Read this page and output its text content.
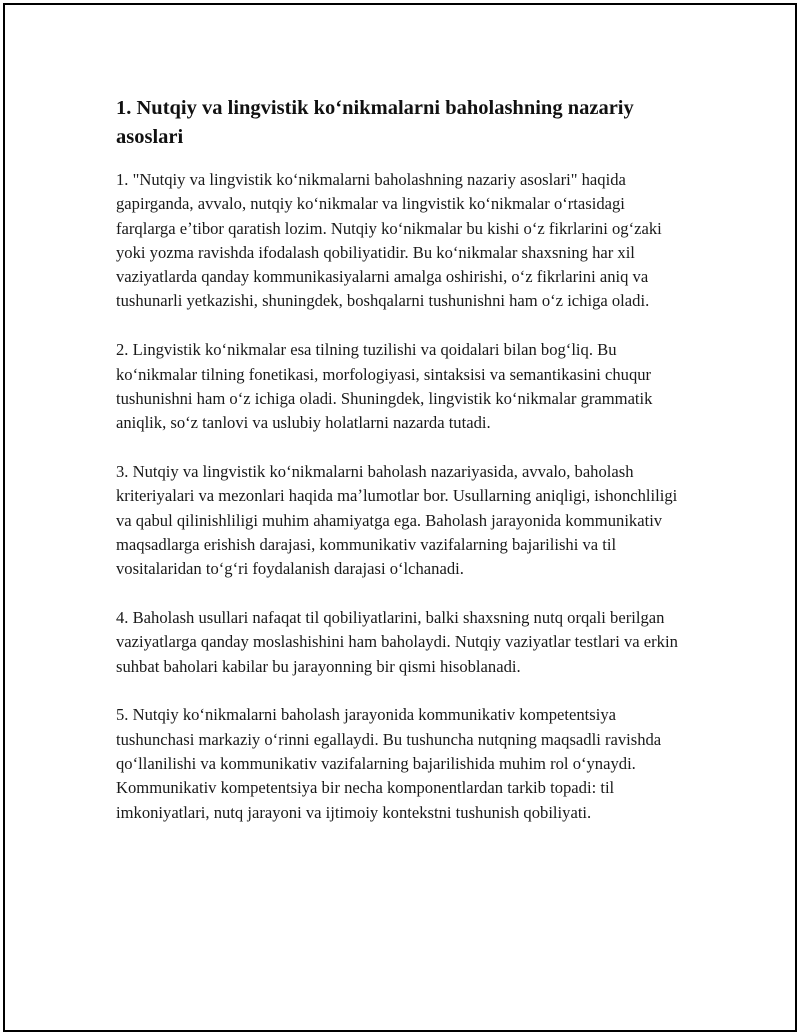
1. Nutqiy va lingvistik koʻnikmalarni baholashning nazariy asoslari

1. "Nutqiy va lingvistik koʻnikmalarni baholashning nazariy asoslari" haqida gapirganda, avvalo, nutqiy koʻnikmalar va lingvistik koʻnikmalar oʻrtasidagi farqlarga eʼtibor qaratish lozim. Nutqiy koʻnikmalar bu kishi oʻz fikrlarini ogʻzaki yoki yozma ravishda ifodalash qobiliyatidir. Bu koʻnikmalar shaxsning har xil vaziyatlarda qanday kommunikasiyalarni amalga oshirishi, oʻz fikrlarini aniq va tushunarli yetkazishi, shuningdek, boshqalarni tushunishni ham oʻz ichiga oladi.

2. Lingvistik koʻnikmalar esa tilning tuzilishi va qoidalari bilan bogʻliq. Bu koʻnikmalar tilning fonetikasi, morfologiyasi, sintaksisi va semantikasini chuqur tushunishni ham oʻz ichiga oladi. Shuningdek, lingvistik koʻnikmalar grammatik aniqlik, soʻz tanlovi va uslubiy holatlarni nazarda tutadi.

3. Nutqiy va lingvistik koʻnikmalarni baholash nazariyasida, avvalo, baholash kriteriyalari va mezonlari haqida maʼlumotlar bor. Usullarning aniqligi, ishonchliligi va qabul qilinishliligi muhim ahamiyatga ega. Baholash jarayonida kommunikativ maqsadlarga erishish darajasi, kommunikativ vazifalarning bajarilishi va til vositalaridan toʻgʻri foydalanish darajasi oʻlchanadi.

4. Baholash usullari nafaqat til qobiliyatlarini, balki shaxsning nutq orqali berilgan vaziyatlarga qanday moslashishini ham baholaydi. Nutqiy vaziyatlar testlari va erkin suhbat baholari kabilar bu jarayonning bir qismi hisoblanadi.

5. Nutqiy koʻnikmalarni baholash jarayonida kommunikativ kompetentsiya tushunchasi markaziy oʻrinni egallaydi. Bu tushuncha nutqning maqsadli ravishda qoʻllanilishi va kommunikativ vazifalarning bajarilishida muhim rol oʻynaydi. Kommunikativ kompetentsiya bir necha komponentlardan tarkib topadi: til imkoniyatlari, nutq jarayoni va ijtimoiy kontekstni tushunish qobiliyati.
